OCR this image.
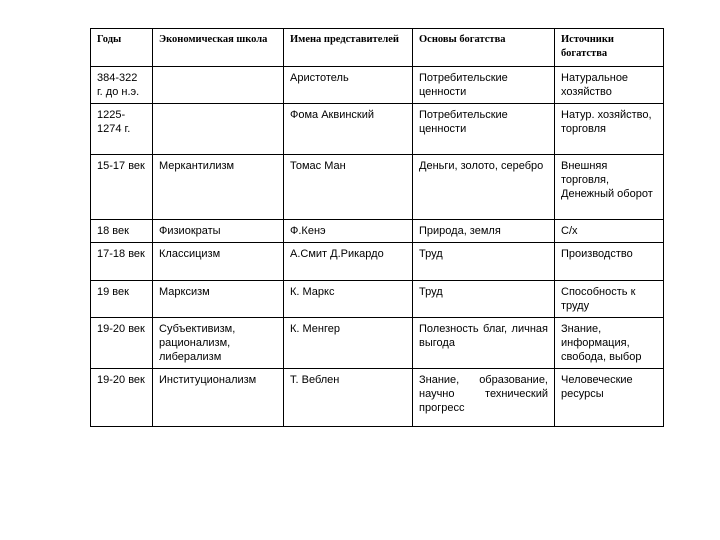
Годы	Экономическая школа	Имена представителей	Основы богатства	Источники богатства
384-322 г. до н.э.		Аристотель	Потребительские ценности	Натуральное хозяйство
1225-1274 г.		Фома Аквинский	Потребительские ценности	Натур. хозяйство, торговля
15-17 век	Меркантилизм	Томас Ман	Деньги, золото, серебро	Внешняя торговля, Денежный оборот
18 век	Физиократы	Ф.Кенэ	Природа, земля	С/х
17-18 век	Классицизм	А.Смит Д.Рикардо	Труд	Производство
19 век	Марксизм	К. Маркс	Труд	Способность к труду
19-20 век	Субъективизм, рационализм, либерализм	К. Менгер	Полезность благ, личная выгода	Знание, информация, свобода, выбор
19-20 век	Институционализм	Т. Веблен	Знание, образование, научно технический прогресс	Человеческие ресурсы
